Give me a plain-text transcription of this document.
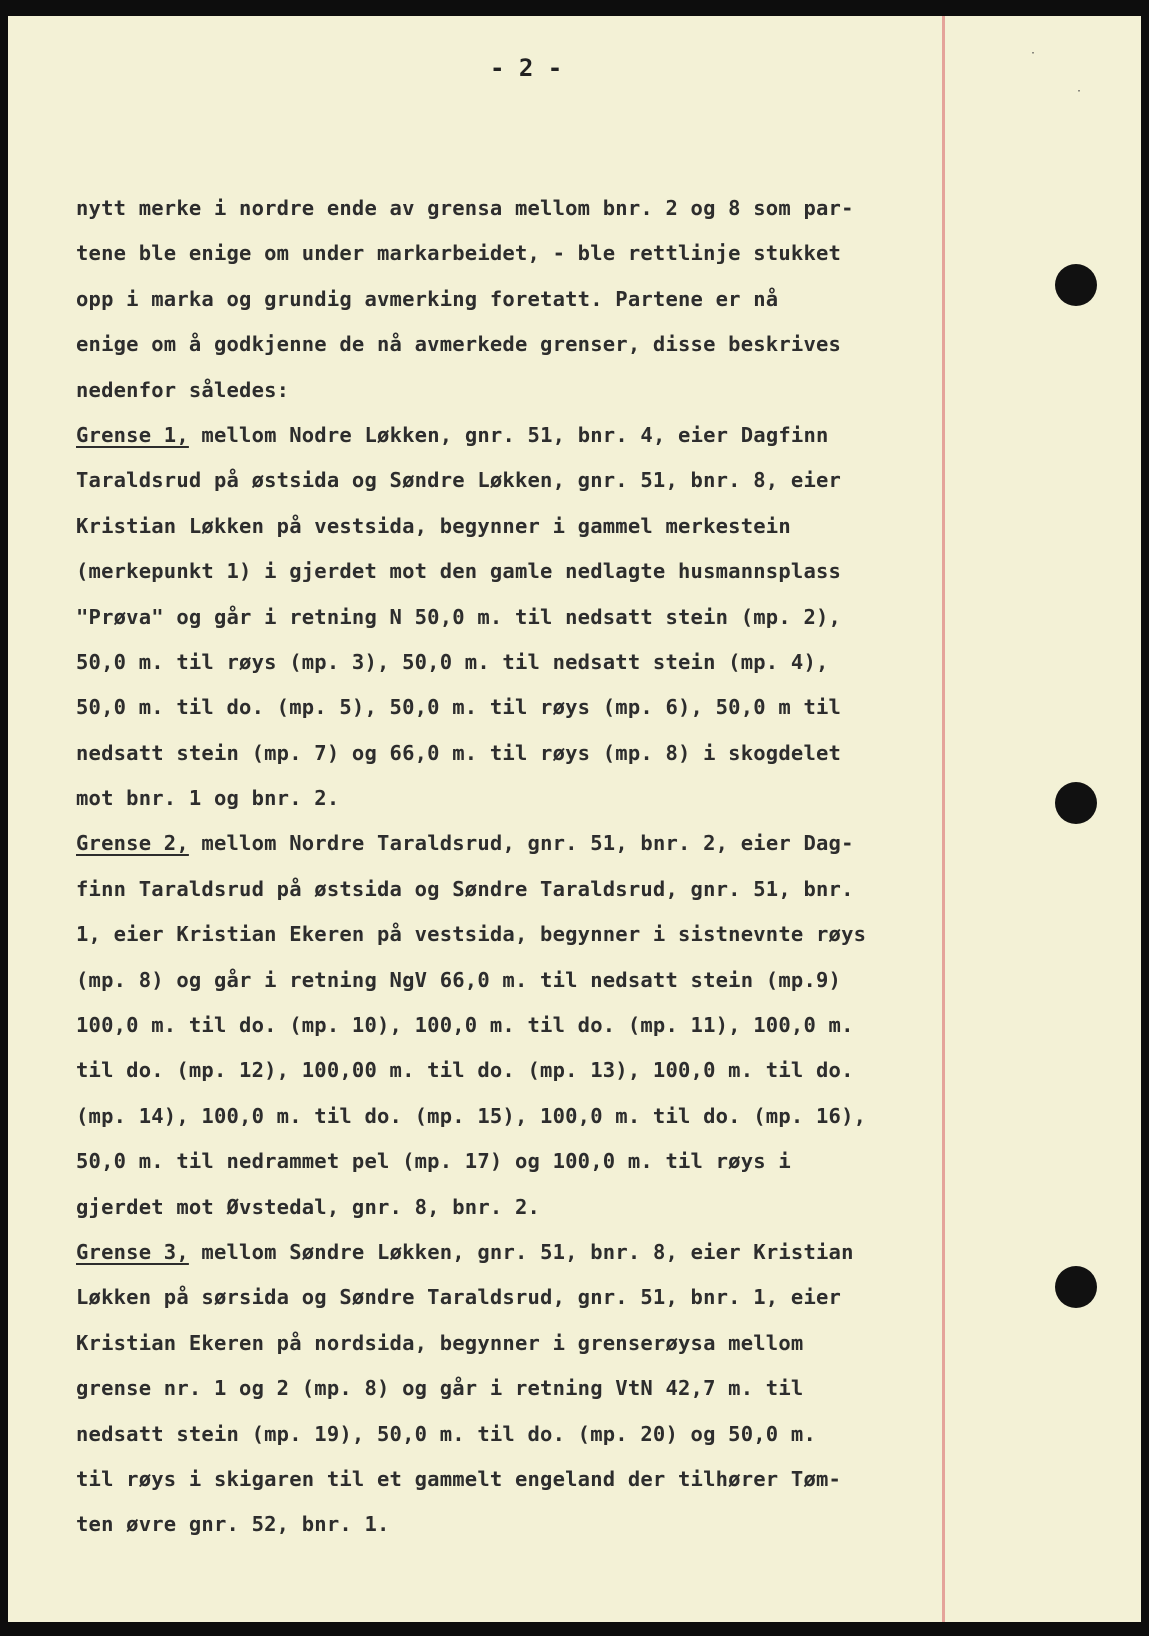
·
·
- 2 -
nytt merke i nordre ende av grensa mellom bnr. 2 og 8 som par-
tene ble enige om under markarbeidet, - ble rettlinje stukket
opp i marka og grundig avmerking foretatt. Partene er nå
enige om å godkjenne de nå avmerkede grenser, disse beskrives
nedenfor således:
Grense 1, mellom Nodre Løkken, gnr. 51, bnr. 4, eier Dagfinn
Taraldsrud på østsida og Søndre Løkken, gnr. 51, bnr. 8, eier
Kristian Løkken på vestsida, begynner i gammel merkestein
(merkepunkt 1) i gjerdet mot den gamle nedlagte husmannsplass
"Prøva" og går i retning N 50,0 m. til nedsatt stein (mp. 2),
50,0 m. til røys (mp. 3), 50,0 m. til nedsatt stein (mp. 4),
50,0 m. til do. (mp. 5), 50,0 m. til røys (mp. 6), 50,0 m til
nedsatt stein (mp. 7) og 66,0 m. til røys (mp. 8) i skogdelet
mot bnr. 1 og bnr. 2.
Grense 2, mellom Nordre Taraldsrud, gnr. 51, bnr. 2, eier Dag-
finn Taraldsrud på østsida og Søndre Taraldsrud, gnr. 51, bnr.
1, eier Kristian Ekeren på vestsida, begynner i sistnevnte røys
(mp. 8) og går i retning NgV 66,0 m. til nedsatt stein (mp.9)
100,0 m. til do. (mp. 10), 100,0 m. til do. (mp. 11), 100,0 m.
til do. (mp. 12), 100,00 m. til do. (mp. 13), 100,0 m. til do.
(mp. 14), 100,0 m. til do. (mp. 15), 100,0 m. til do. (mp. 16),
50,0 m. til nedrammet pel (mp. 17) og 100,0 m. til røys i
gjerdet mot Øvstedal, gnr. 8, bnr. 2.
Grense 3, mellom Søndre Løkken, gnr. 51, bnr. 8, eier Kristian
Løkken på sørsida og Søndre Taraldsrud, gnr. 51, bnr. 1, eier
Kristian Ekeren på nordsida, begynner i grenserøysa mellom
grense nr. 1 og 2 (mp. 8) og går i retning VtN 42,7 m. til
nedsatt stein (mp. 19), 50,0 m. til do. (mp. 20) og 50,0 m.
til røys i skigaren til et gammelt engeland der tilhører Tøm-
ten øvre gnr. 52, bnr. 1.
